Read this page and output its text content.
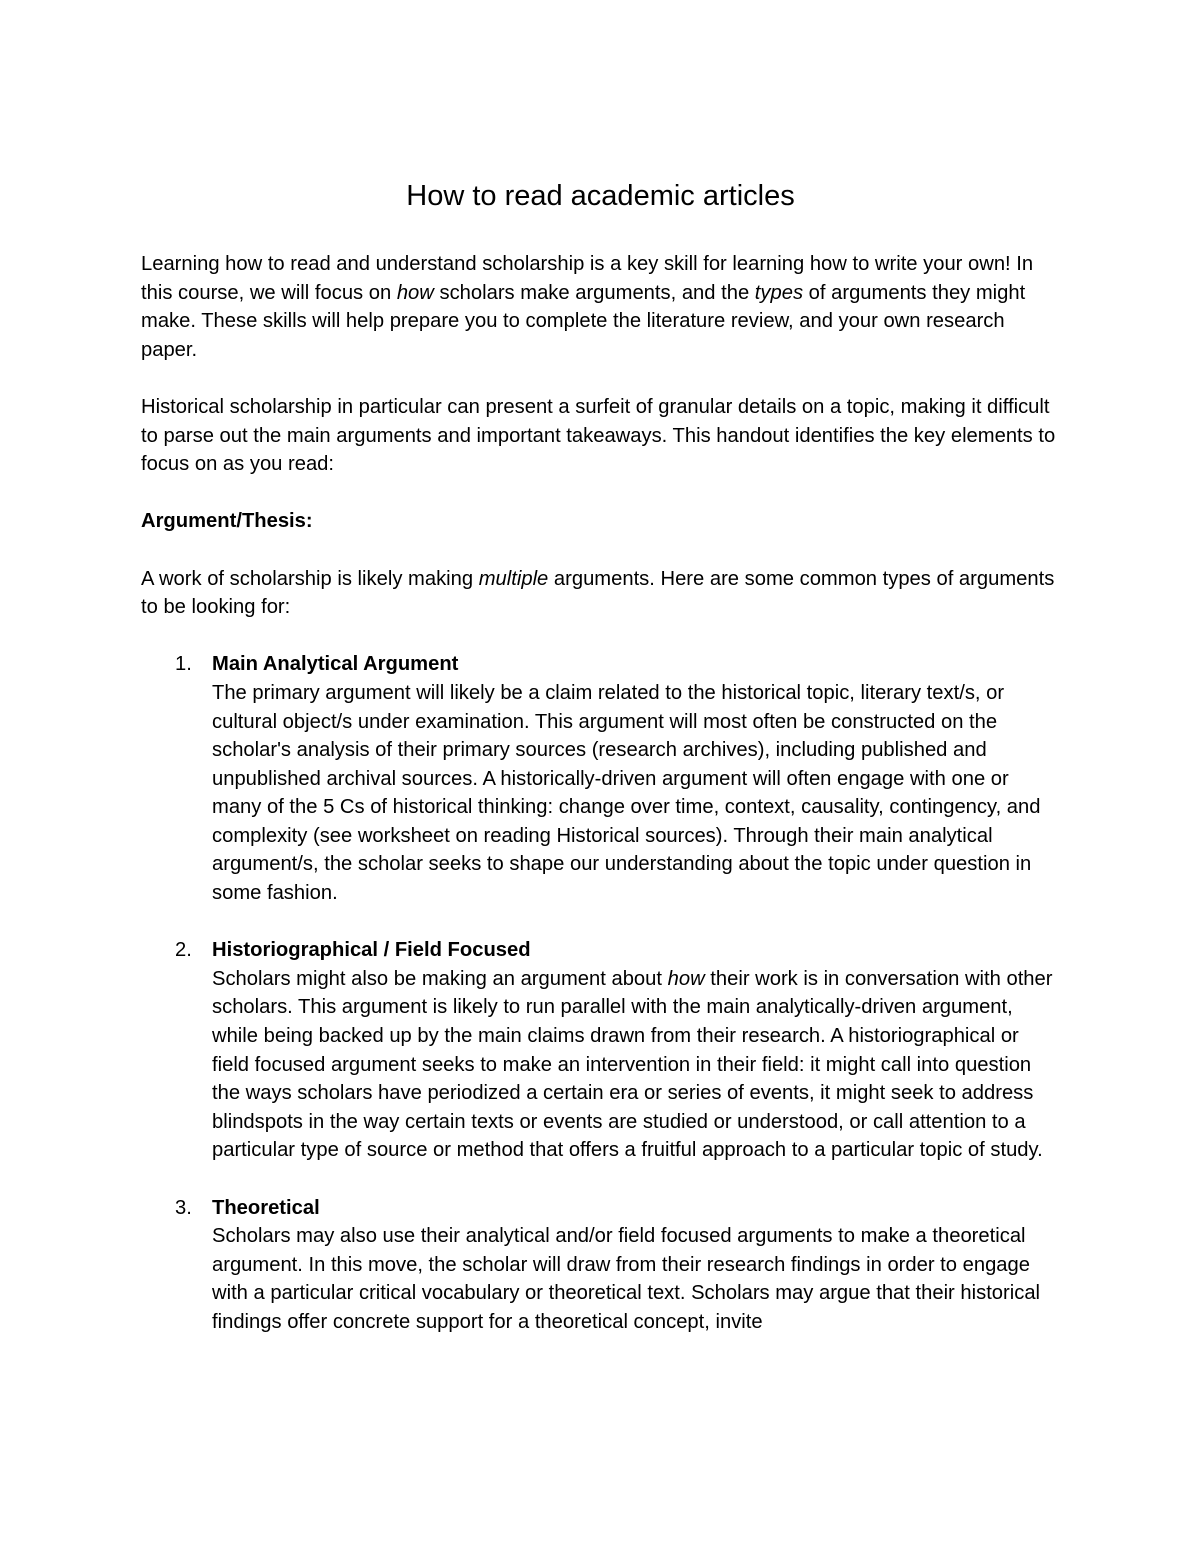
How to read academic articles

Learning how to read and understand scholarship is a key skill for learning how to write your own! In this course, we will focus on how scholars make arguments, and the types of arguments they might make. These skills will help prepare you to complete the literature review, and your own research paper.

Historical scholarship in particular can present a surfeit of granular details on a topic, making it difficult to parse out the main arguments and important takeaways. This handout identifies the key elements to focus on as you read:

Argument/Thesis:

A work of scholarship is likely making multiple arguments. Here are some common types of arguments to be looking for:

1. Main Analytical Argument

The primary argument will likely be a claim related to the historical topic, literary text/s, or cultural object/s under examination. This argument will most often be constructed on the scholar's analysis of their primary sources (research archives), including published and unpublished archival sources. A historically-driven argument will often engage with one or many of the 5 Cs of historical thinking: change over time, context, causality, contingency, and complexity (see worksheet on reading Historical sources). Through their main analytical argument/s, the scholar seeks to shape our understanding about the topic under question in some fashion.

2. Historiographical / Field Focused

Scholars might also be making an argument about how their work is in conversation with other scholars. This argument is likely to run parallel with the main analytically-driven argument, while being backed up by the main claims drawn from their research. A historiographical or field focused argument seeks to make an intervention in their field: it might call into question the ways scholars have periodized a certain era or series of events, it might seek to address blindspots in the way certain texts or events are studied or understood, or call attention to a particular type of source or method that offers a fruitful approach to a particular topic of study.

3. Theoretical

Scholars may also use their analytical and/or field focused arguments to make a theoretical argument. In this move, the scholar will draw from their research findings in order to engage with a particular critical vocabulary or theoretical text. Scholars may argue that their historical findings offer concrete support for a theoretical concept, invite
